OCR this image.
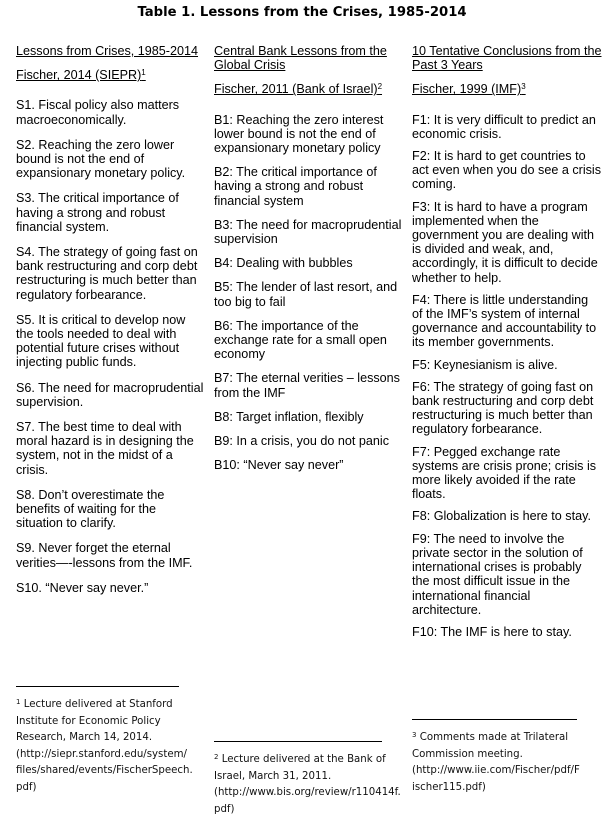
Table 1. Lessons from the Crises, 1985-2014

Lessons from Crises, 1985-2014

Fischer, 2014 (SIEPR)$^1$

S1. Fiscal policy also matters macroeconomically.

S2. Reaching the zero lower bound is not the end of expansionary monetary policy.

S3. The critical importance of having a strong and robust financial system.

S4. The strategy of going fast on bank restructuring and corp debt restructuring is much better than regulatory forbearance.

S5. It is critical to develop now the tools needed to deal with potential future crises without injecting public funds.

S6. The need for macroprudential supervision.

S7. The best time to deal with moral hazard is in designing the system, not in the midst of a crisis.

S8. Don’t overestimate the benefits of waiting for the situation to clarify.

S9. Never forget the eternal verities—-lessons from the IMF.

S10. “Never say never.”

Central Bank Lessons from the Global Crisis

Fischer, 2011 (Bank of Israel)$^2$

B1: Reaching the zero interest lower bound is not the end of expansionary monetary policy

B2: The critical importance of having a strong and robust financial system

B3: The need for macroprudential supervision

B4: Dealing with bubbles

B5: The lender of last resort, and too big to fail

B6: The importance of the exchange rate for a small open economy

B7: The eternal verities – lessons from the IMF

B8: Target inflation, flexibly

B9: In a crisis, you do not panic

B10: “Never say never”

10 Tentative Conclusions from the Past 3 Years

Fischer, 1999 (IMF)$^3$

F1: It is very difficult to predict an economic crisis.

F2: It is hard to get countries to act even when you do see a crisis coming.

F3: It is hard to have a program implemented when the government you are dealing with is divided and weak, and, accordingly, it is difficult to decide whether to help.

F4: There is little understanding of the IMF’s system of internal governance and accountability to its member governments.

F5: Keynesianism is alive.

F6: The strategy of going fast on bank restructuring and corp debt restructuring is much better than regulatory forbearance.

F7: Pegged exchange rate systems are crisis prone; crisis is more likely avoided if the rate floats.

F8: Globalization is here to stay.

F9: The need to involve the private sector in the solution of international crises is probably the most difficult issue in the international financial architecture.

F10: The IMF is here to stay.

$^1$ Lecture delivered at Stanford

Institute for Economic Policy

Research, March 14, 2014.

(http://siepr.stanford.edu/system/

files/shared/events/FischerSpeech.

pdf)

$^2$ Lecture delivered at the Bank of

Israel, March 31, 2011.

(http://www.bis.org/review/r110414f.

pdf)

$^3$ Comments made at Trilateral

Commission meeting.

(http://www.iie.com/Fischer/pdf/F

ischer115.pdf)
